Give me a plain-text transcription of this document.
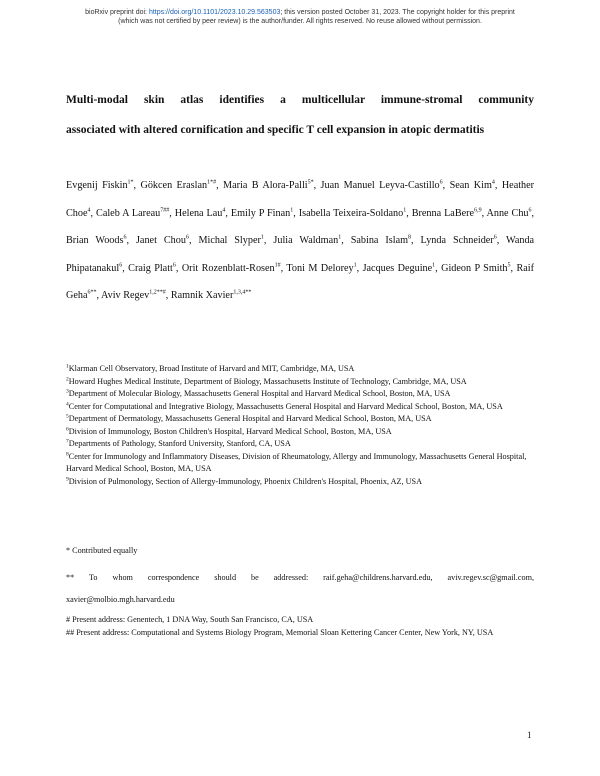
bioRxiv preprint doi: https://doi.org/10.1101/2023.10.29.563503; this version posted October 31, 2023. The copyright holder for this preprint
(which was not certified by peer review) is the author/funder. All rights reserved. No reuse allowed without permission.
Multi-modal skin atlas identifies a multicellular immune-stromal community
associated with altered cornification and specific T cell expansion in atopic dermatitis
Evgenij Fiskin$^{1*}$, Gökcen Eraslan$^{1*\#}$, Maria B Alora-Palli$^{5*}$, Juan Manuel Leyva-Castillo$^6$, Sean Kim$^4$, Heather Choe$^4$, Caleb A Lareau$^{7\#\#}$, Helena Lau$^4$, Emily P Finan$^1$, Isabella Teixeira-Soldano$^1$, Brenna LaBere$^{6,9}$, Anne Chu$^6$, Brian Woods$^6$, Janet Chou$^6$, Michal Slyper$^1$, Julia Waldman$^1$, Sabina Islam$^8$, Lynda Schneider$^6$, Wanda Phipatanakul$^6$, Craig Platt$^6$, Orit Rozenblatt-Rosen$^{1\#}$, Toni M Delorey$^1$, Jacques Deguine$^1$, Gideon P Smith$^5$, Raif Geha$^{6**}$, Aviv Regev$^{1,2**\#}$, Ramnik Xavier$^{1,3,4**}$
$^1$Klarman Cell Observatory, Broad Institute of Harvard and MIT, Cambridge, MA, USA
$^2$Howard Hughes Medical Institute, Department of Biology, Massachusetts Institute of Technology, Cambridge, MA, USA
$^3$Department of Molecular Biology, Massachusetts General Hospital and Harvard Medical School, Boston, MA, USA
$^4$Center for Computational and Integrative Biology, Massachusetts General Hospital and Harvard Medical School, Boston, MA, USA
$^5$Department of Dermatology, Massachusetts General Hospital and Harvard Medical School, Boston, MA, USA
$^6$Division of Immunology, Boston Children's Hospital, Harvard Medical School, Boston, MA, USA
$^7$Departments of Pathology, Stanford University, Stanford, CA, USA
$^8$Center for Immunology and Inflammatory Diseases, Division of Rheumatology, Allergy and Immunology, Massachusetts General Hospital, Harvard Medical School, Boston, MA, USA
$^9$Division of Pulmonology, Section of Allergy-Immunology, Phoenix Children's Hospital, Phoenix, AZ, USA
* Contributed equally
** To whom correspondence should be addressed: raif.geha@childrens.harvard.edu, aviv.regev.sc@gmail.com, xavier@molbio.mgh.harvard.edu
# Present address: Genentech, 1 DNA Way, South San Francisco, CA, USA
## Present address: Computational and Systems Biology Program, Memorial Sloan Kettering Cancer Center, New York, NY, USA
1
